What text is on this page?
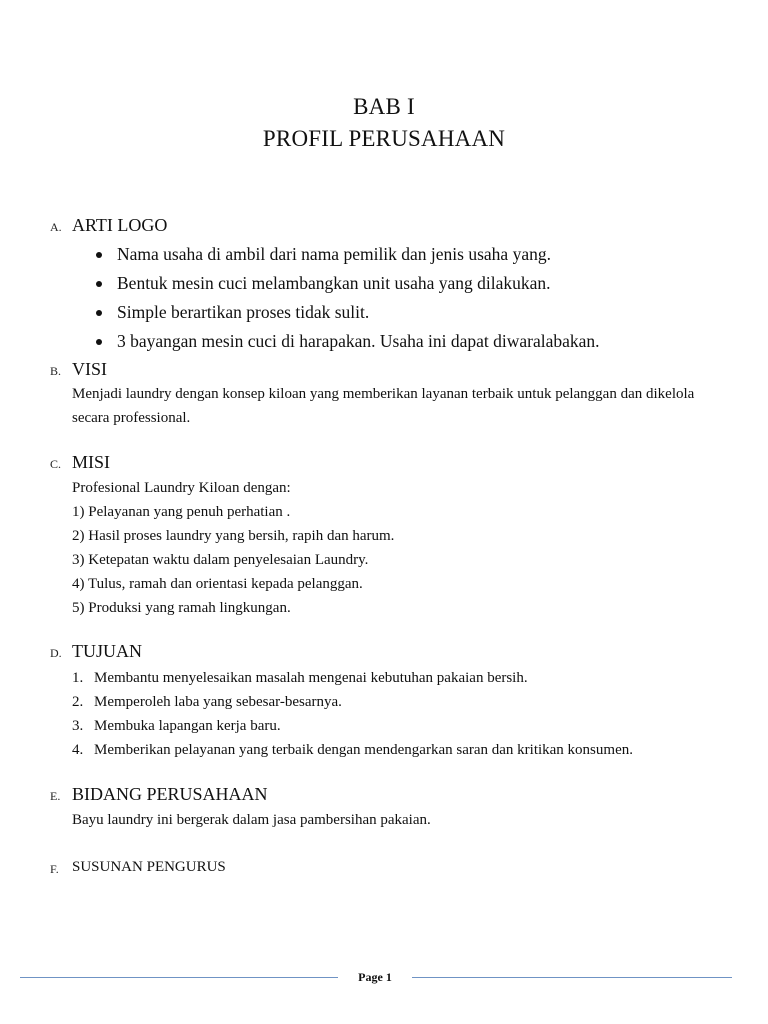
BAB I
PROFIL PERUSAHAAN
A. ARTI LOGO
Nama usaha di ambil dari nama pemilik dan jenis usaha yang.
Bentuk mesin cuci melambangkan unit usaha yang dilakukan.
Simple berartikan proses tidak sulit.
3 bayangan mesin cuci di harapakan. Usaha ini dapat diwaralabakan.
B. VISI
Menjadi laundry dengan konsep kiloan yang memberikan layanan terbaik untuk pelanggan dan dikelola secara professional.
C. MISI
Profesional Laundry Kiloan dengan:
1) Pelayanan yang penuh perhatian .
2) Hasil proses laundry yang bersih, rapih dan harum.
3) Ketepatan waktu dalam penyelesaian Laundry.
4) Tulus, ramah dan orientasi kepada pelanggan.
5) Produksi yang ramah lingkungan.
D. TUJUAN
1. Membantu menyelesaikan masalah mengenai kebutuhan pakaian bersih.
2. Memperoleh laba yang sebesar-besarnya.
3. Membuka lapangan kerja baru.
4. Memberikan pelayanan yang terbaik dengan mendengarkan saran dan kritikan konsumen.
E. BIDANG PERUSAHAAN
Bayu laundry ini bergerak dalam jasa pambersihan pakaian.
F. SUSUNAN PENGURUS
Page 1
